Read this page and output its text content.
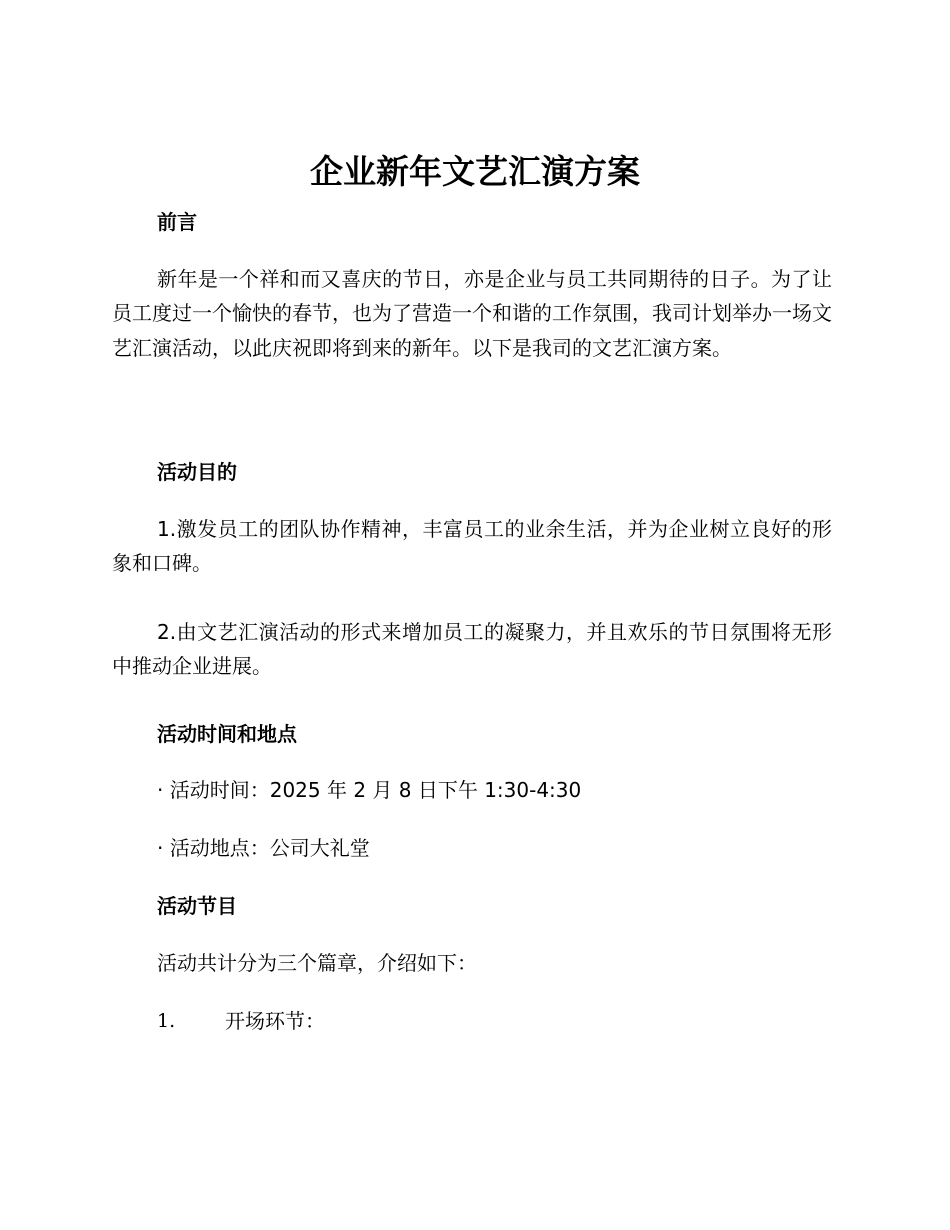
企业新年文艺汇演方案
前言

新年是一个祥和而又喜庆的节日，亦是企业与员工共同期待的日子。为了让员工度过一个愉快的春节，也为了营造一个和谐的工作氛围，我司计划举办一场文艺汇演活动，以此庆祝即将到来的新年。以下是我司的文艺汇演方案。

活动目的

1.激发员工的团队协作精神，丰富员工的业余生活，并为企业树立良好的形象和口碑。

2.由文艺汇演活动的形式来增加员工的凝聚力，并且欢乐的节日氛围将无形中推动企业进展。

活动时间和地点

· 活动时间：2025 年 2 月 8 日下午 1:30-4:30

· 活动地点：公司大礼堂

活动节目

活动共计分为三个篇章，介绍如下：

1. 开场环节：
